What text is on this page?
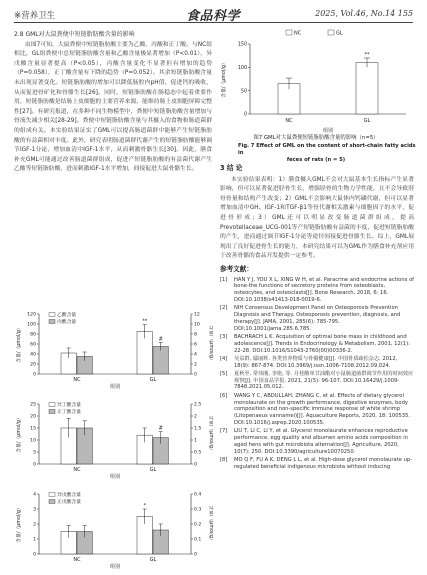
※营养卫生	食品科学	2025, Vol.46, No.14 155
2.8 GML对大鼠粪便中短链脂肪酸含量的影响

由图7可知，大鼠粪便中短链脂肪酸主要为乙酸、丙酸和正丁酸。与NC组相比，GL组粪便中总短链脂肪酸含量和乙酸含量极显著增加（P<0.01），异戊酸含量显著提高（P<0.05），丙酸含量变化不显著但有增加的趋势（P=0.058），正丁酸含量有下降的趋势（P=0.052）。其余短链脂肪酸含量未出现显著变化。短链脂肪酸的增加可以降低肠腔内pH值，促进钙的吸收，从而促进骨矿化和骨骼生长[26]。同时，短链脂肪酸在肠稳态中起着重要作用，短链脂肪酸是结肠上皮细胞的主要营养来源，能维持肠上皮细胞屏障完整性[27]。有研究报道，在多种不同生物模型中，粪便中短链脂肪酸含量增加与骨流失减少相关[28-29]。粪便中短链脂肪酸含量与其摄入的食物和肠道菌群的组成有关。本实验结果证实了GML可以提高肠道菌群中能够产生短链脂肪酸的有益菌相对丰度。此外，研究表明肠道菌群代谢产生的短链脂肪酸能够调节IGF-1分泌，增加血清中IGF-1水平，从而刺激骨骼生长[30]。因此，膳食补充GML可能通过改善肠道菌群组成，促进产短链脂肪酸的有益菌代谢产生乙酸等短链脂肪酸，进而刺激IGF-1水平增加，间接促进大鼠骨骼生长。

0
20
40
60
80
100
120
0
2
4
6
8
10
12
含量/（μmol/g）	含量/（μmol/g）
组别
NC	GL
**
#
乙酸含量
丙酸含量
0
5
10
15
20
25
0
0.5
1
1.5
2
2.5
含量/（μmol/g）	含量/（μmol/g）
组别
NC	GL
#
异丁酸含量
正丁酸含量
0
1
2
3
4
0
0.1
0.2
0.3
0.4
含量/（μmol/g）	含量/（μmol/g）
组别
NC	GL
*
异戊酸含量
正戊酸含量
NC	GL
0
50
100
150
含量/（μmol/g）
组别
NC	GL
**
图7 GML对大鼠粪便短链脂肪酸含量的影响（n=5）
Fig. 7 Effect of GML on the content of short-chain fatty acids in
feces of rats (n = 5)
3 结 论

本实验结果表明：1）膳食摄入GML不会对大鼠基本生长指标产生显著影响，但可以显著促进胫骨生长，增强胫骨的生物力学性能，且不会导致胫骨骨量和结构产生改变；2）GML不会影响大鼠体内钙磷代谢，但可以显著增加血清中GH、IGF-1和TGF-β1等骨代谢相关激素与细胞因子的水平，促进骨形成；3）GML还可以明显改变肠道菌群组成，提高Prevotellaceae_UCG-001等产短链脂肪酸有益菌的丰度，促进短链脂肪酸的产生，进而通过调节IGF-1分泌等途径间接促进骨骼生长。综上，GML展现出了良好促进骨生长的能力，本研究结果可以为GML作为膳食补充剂应用于改善骨骼的食品开发提供一定参考。

参考文献：
[1]	HAN Y J, YOU X L, XING W H, et al. Paracrine and endocrine actions of bone-the functions of secretory proteins from osteoblasts, osteocytes, and osteoclasts[J]. Bone Research, 2018, 6: 16. DOI:10.1038/s41413-018-0019-6.
[2]	NIH Consensus Development Panel on Osteoporosis Prevention Diagnosis and Therapy. Osteoporosis prevention, diagnosis, and therapy[J]. JAMA, 2001, 285(6): 785-795. DOI:10.1001/jama.285.6.785.
[3]	BACHRACH L K. Acquisition of optimal bone mass in childhood and adolescence[J]. Trends in Endocrinology & Metabolism, 2001, 12(1): 22-28. DOI:10.1016/S1043-2760(00)00336-2.
[4]	吴益群, 鄢丽辉. 各类营养物质与骨骼健康[J]. 中国骨质疏松杂志, 2012, 18(9): 867-874. DOI:10.3969/j.issn.1006-7108.2012.09.024.
[5]	夏秋至, 常伟刚, 李艳, 等. 月桂酸单甘油酯对小鼠肠道菌群调节作用的时间效应观察[J]. 中国食品学报, 2021, 21(5): 96-107. DOI:10.16429/j.1009-7848.2021.05.012.
[6]	WANG Y C, ABDULLAH, ZHANG C, et al. Effects of dietary glycerol monolaurate on the growth performance, digestive enzymes, body composition and non-specific immune response of white shrimp (Litopenaeus vannamei)[J]. Aquaculture Reports, 2020, 18: 100535. DOI:10.1016/j.aqrep.2020.100535.
[7]	LIU T, LI C, LI Y, et al. Glycerol monolaurate enhances reproductive performance, egg quality and albumen amino acids composition in aged hens with gut microbiota alternation[J]. Agriculture, 2020, 10(7): 250. DOI:10.3390/agriculture10070250.
[8]	MO Q F, FU A K, DENG L L, et al. High-dose glycerol monolaurate up-regulated beneficial indigenous microbiota without inducing
